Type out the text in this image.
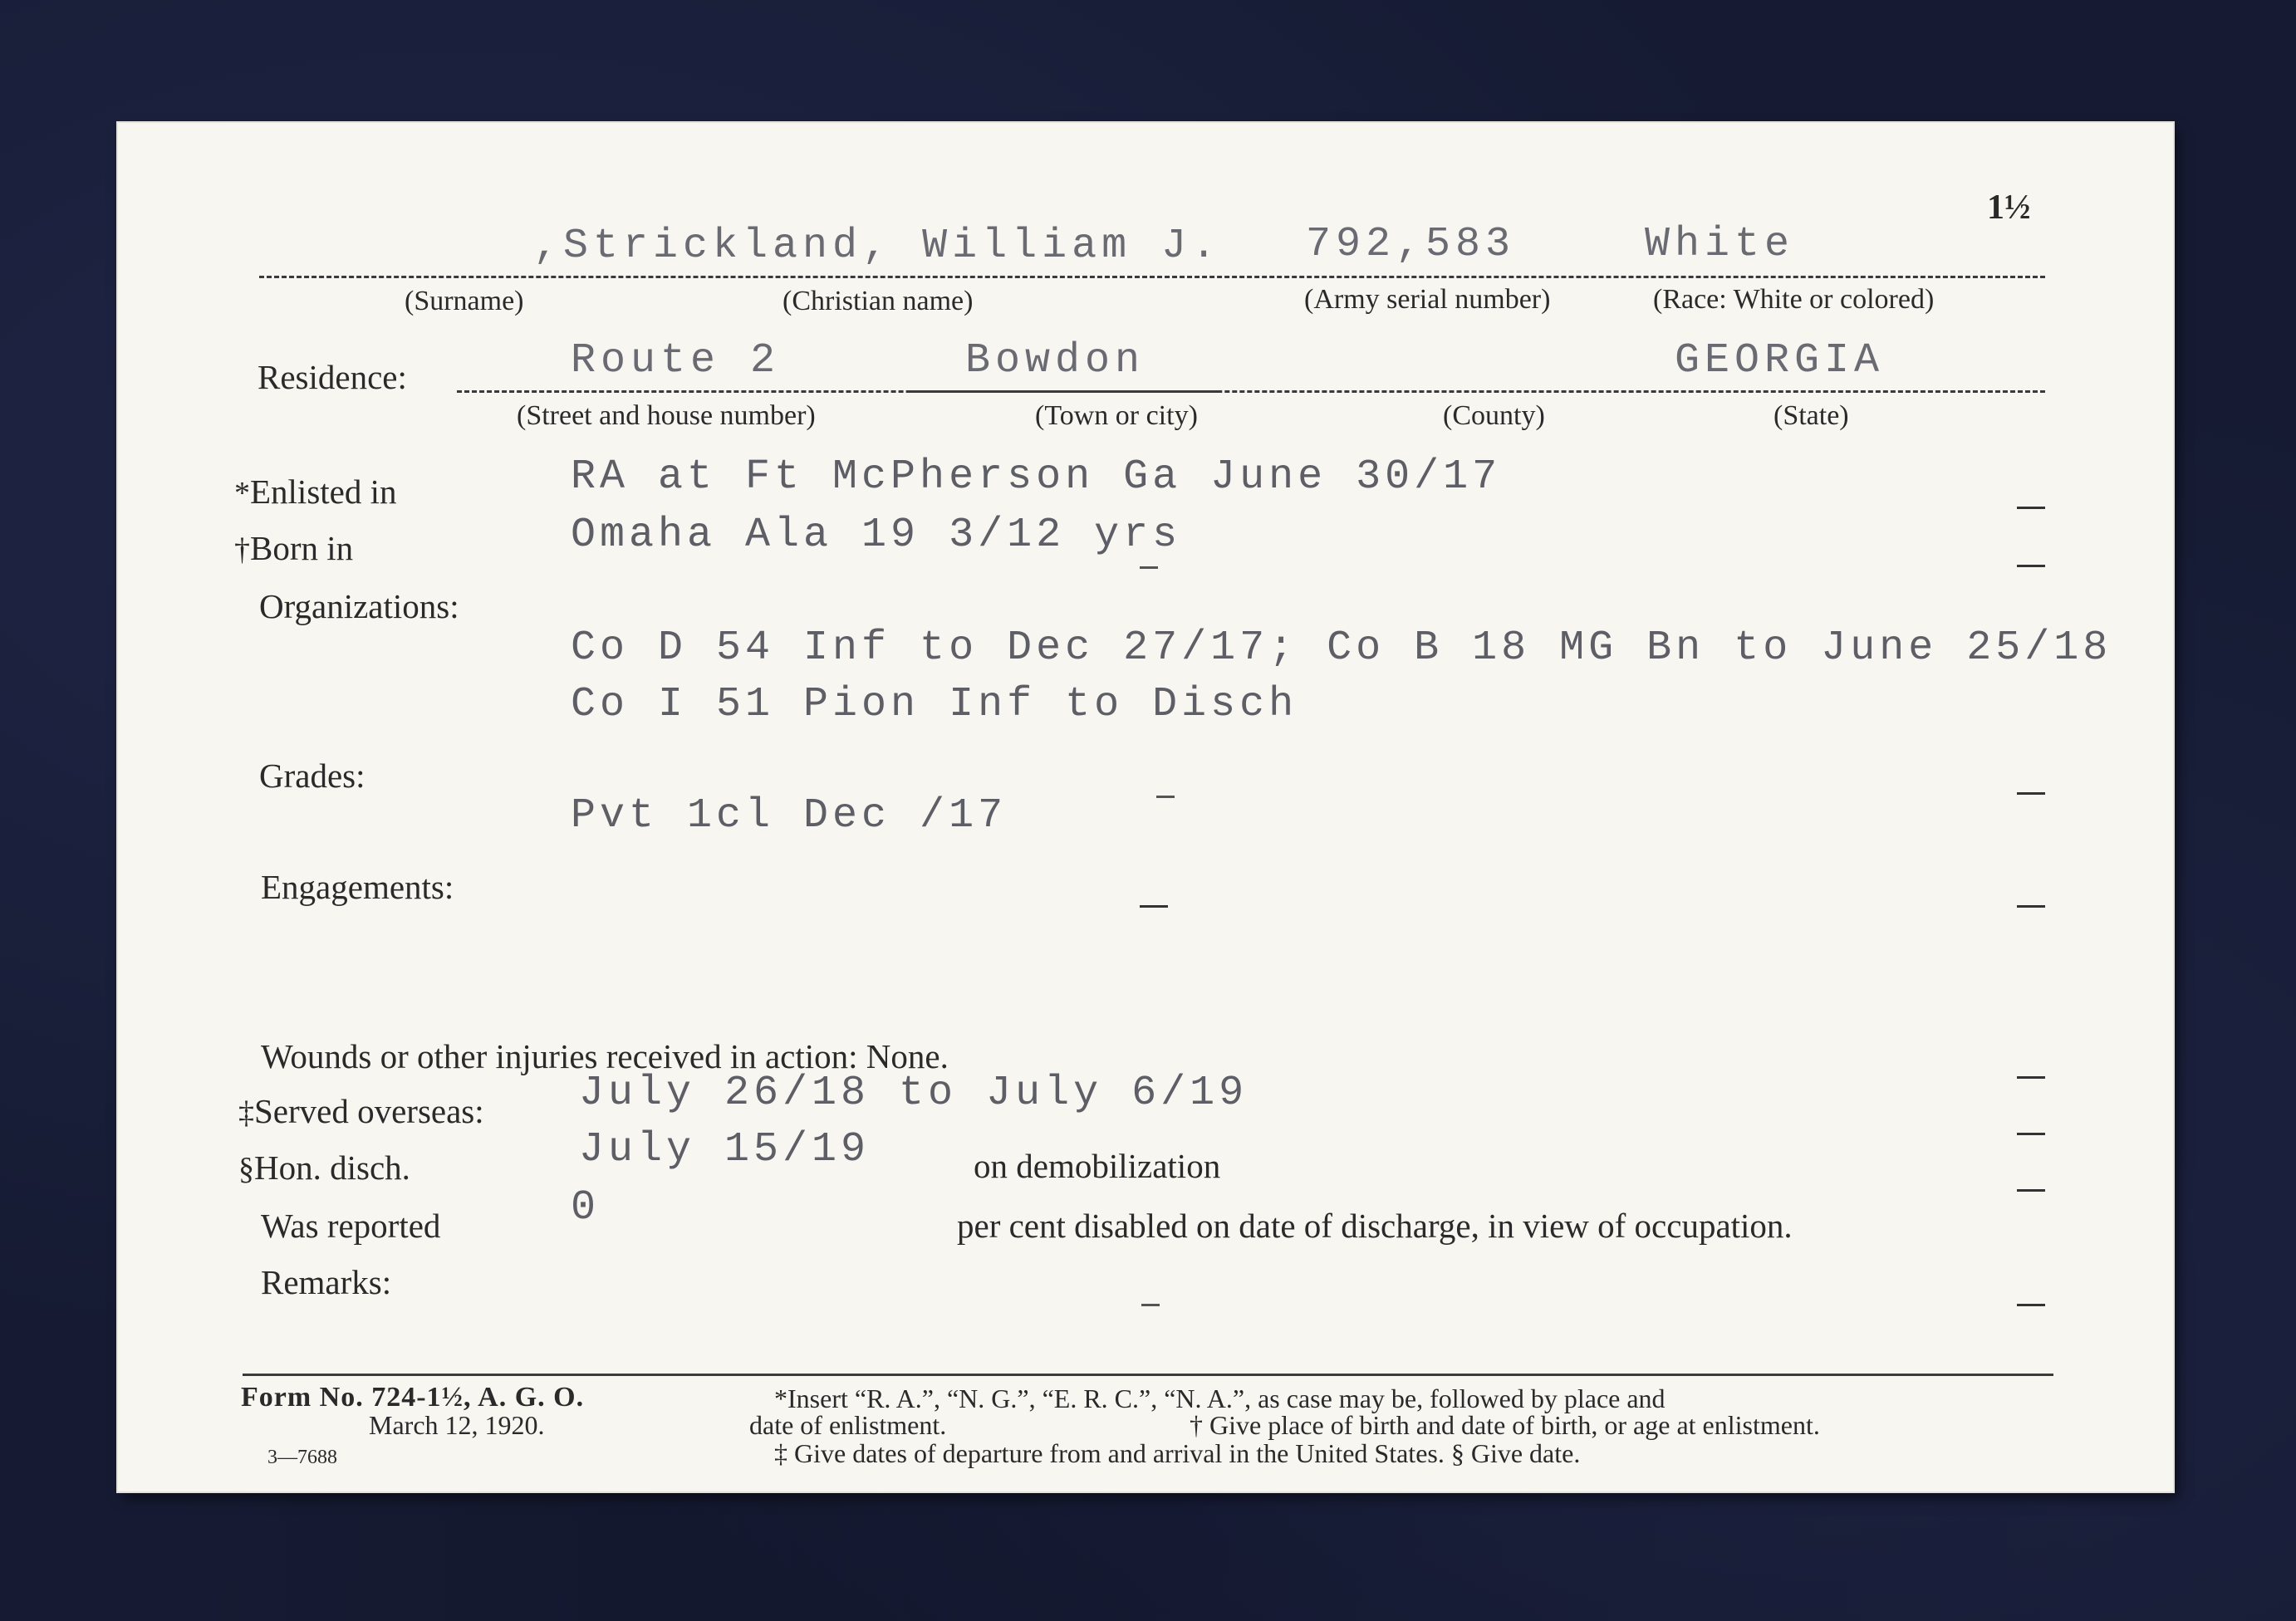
1½
,Strickland, William J. 792,583	White
(Surname)	(Christian name)	(Army serial number)	(Race: White or colored)
Residence:	Route 2	Bowdon	GEORGIA
(Street and house number)	(Town or city)	(County)	(State)
*Enlisted in	RA at Ft McPherson Ga June 30/17
†Born in	Omaha Ala 19 3/12 yrs
Organizations:
Co D 54 Inf to Dec 27/17; Co B 18 MG Bn to June 25/18
Co I 51 Pion Inf to Disch
Grades:
Pvt 1cl Dec /17
Engagements:
Wounds or other injuries received in action: None.
‡Served overseas: July 26/18 to July 6/19
§Hon. disch.	July 15/19	on demobilization
Was reported	0	per cent disabled on date of discharge, in view of occupation.
Remarks:
Form No. 724-1½, A. G. O.
March 12, 1920.
3—7688
*Insert “R. A.”, “N. G.”, “E. R. C.”, “N. A.”, as case may be, followed by place and
date of enlistment.	† Give place of birth and date of birth, or age at enlistment.
‡ Give dates of departure from and arrival in the United States. § Give date.
